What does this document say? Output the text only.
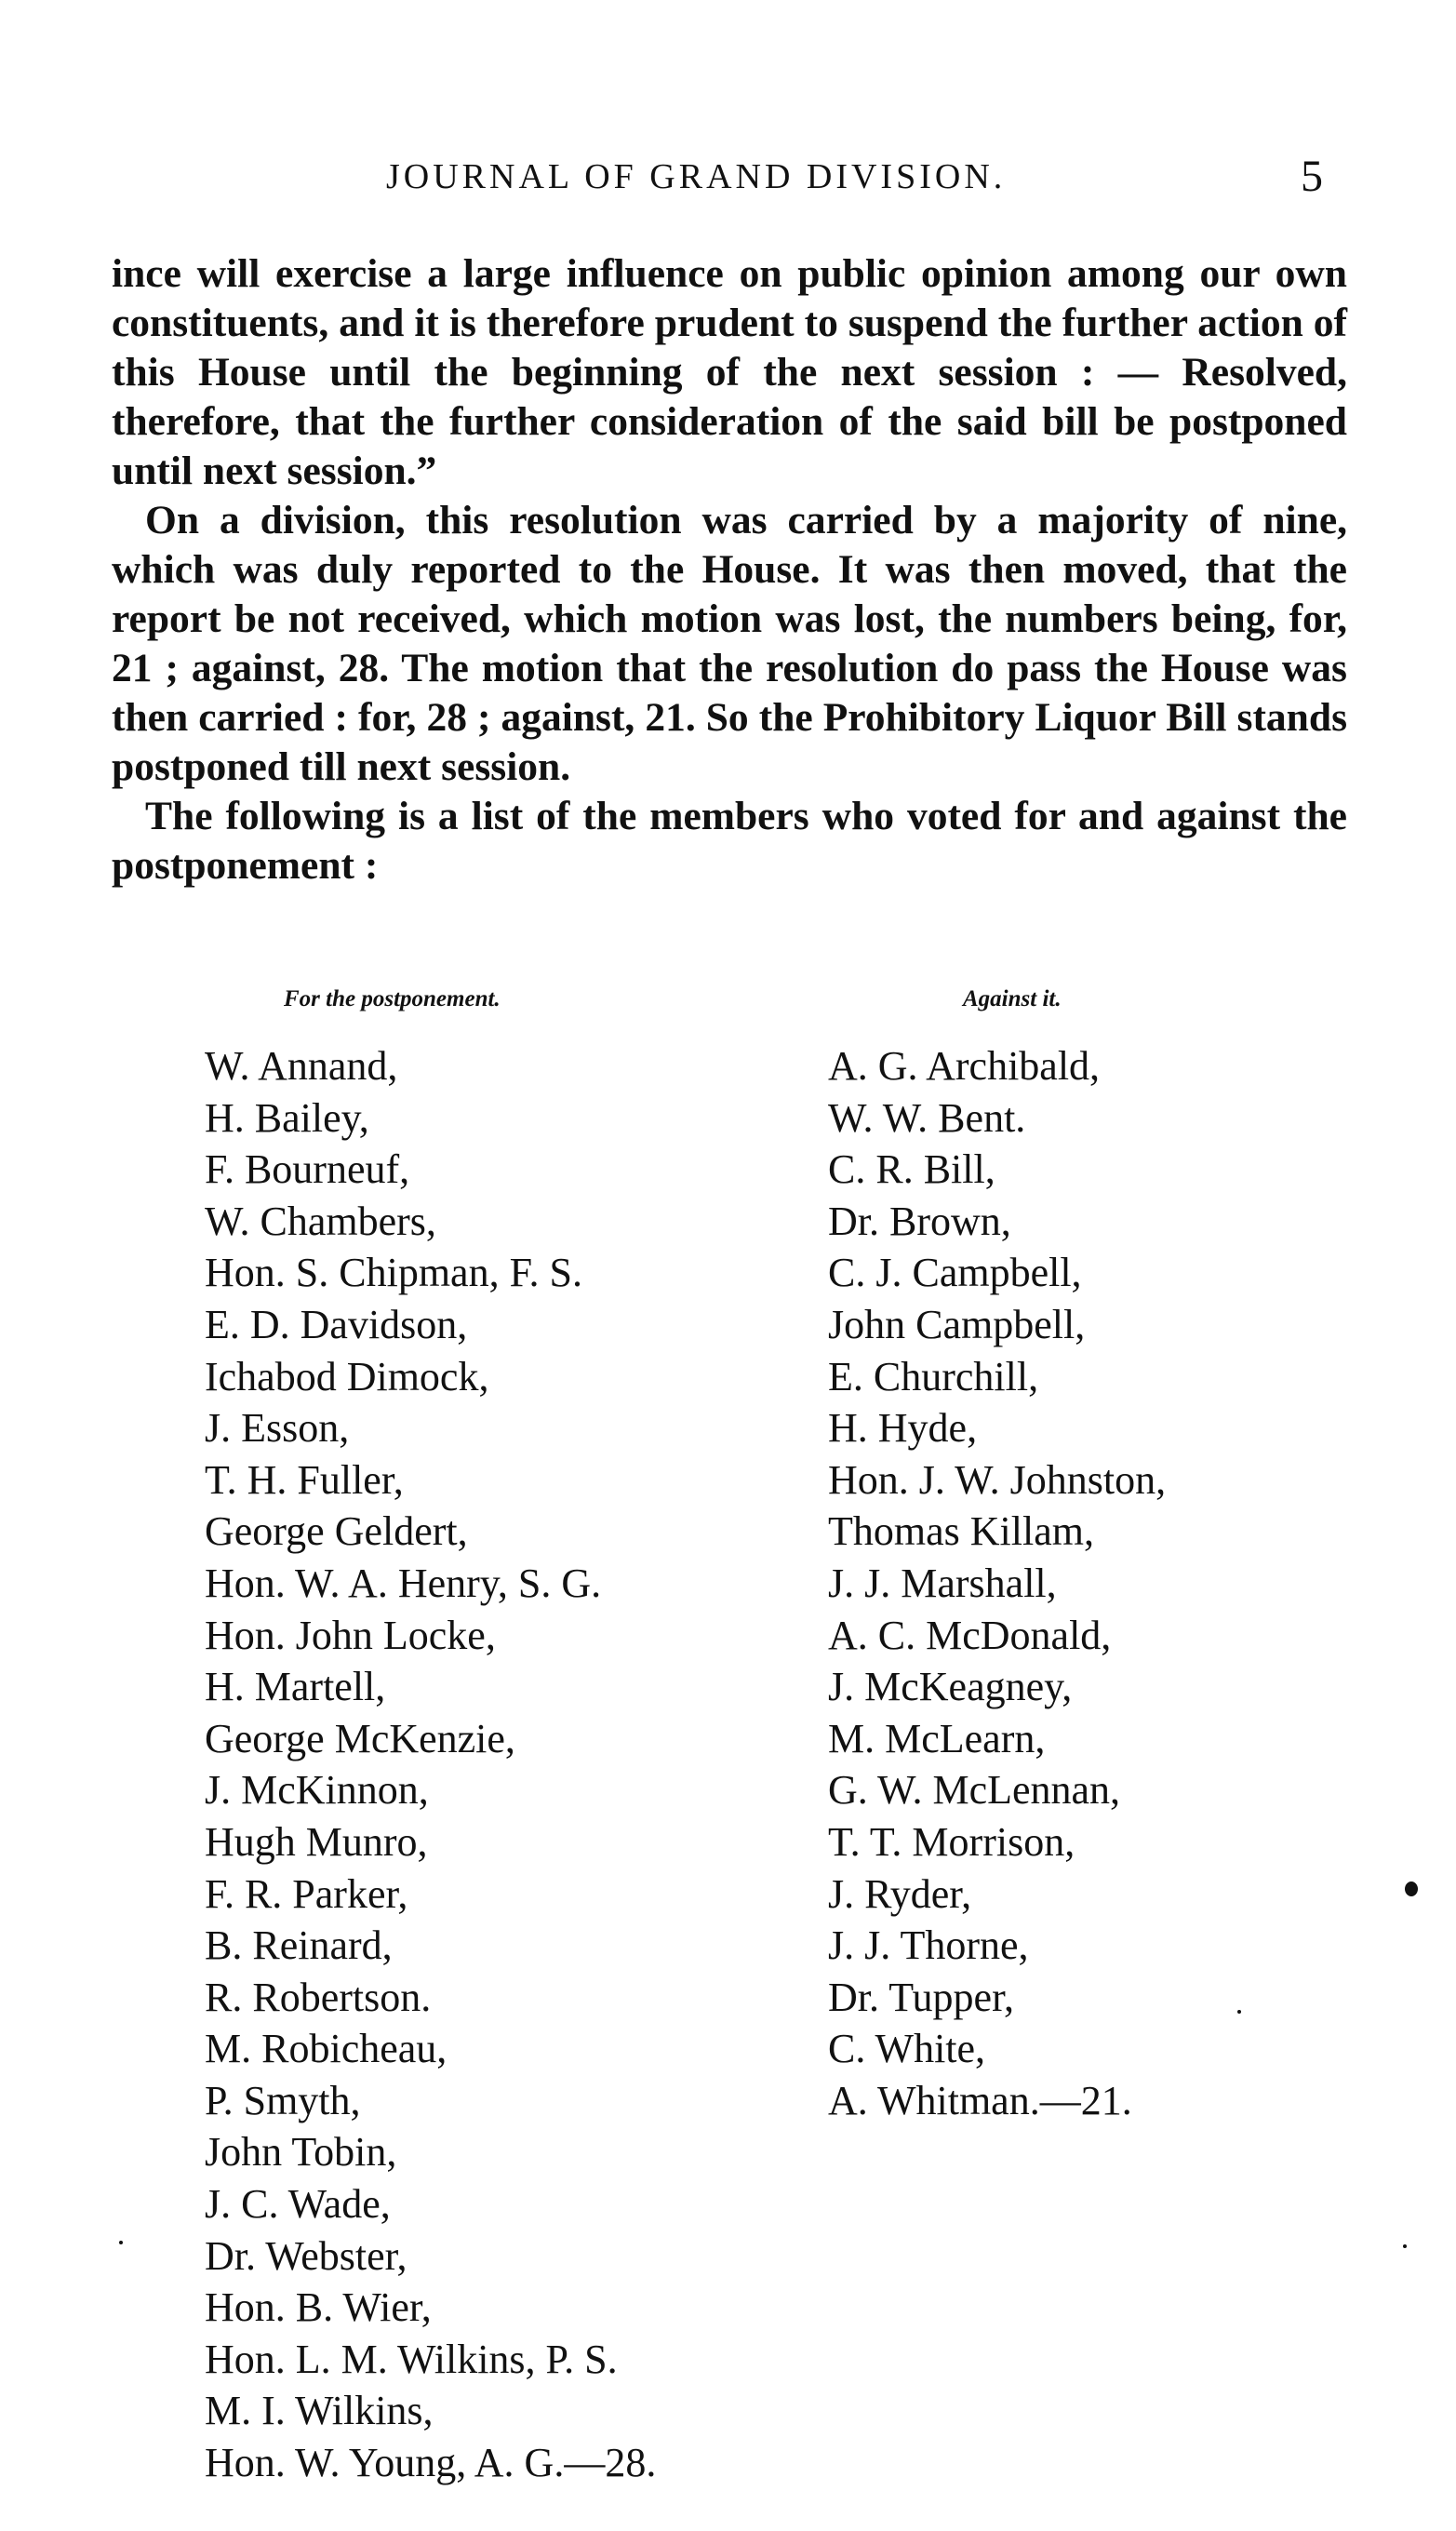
JOURNAL OF GRAND DIVISION.	5

ince will exercise a large influence on public opinion among our own constituents, and it is therefore prudent to suspend the further action of this House until the beginning of the next session : — Resolved, therefore, that the further consideration of the said bill be postponed until next session.”

On a division, this resolution was carried by a majority of nine, which was duly reported to the House. It was then moved, that the report be not received, which motion was lost, the numbers being, for, 21 ; against, 28. The motion that the resolution do pass the House was then carried : for, 28 ; against, 21. So the Prohibitory Liquor Bill stands postponed till next session.

The following is a list of the members who voted for and against the postponement :

For the postponement.	Against it.
W. Annand,
H. Bailey,
F. Bourneuf,
W. Chambers,
Hon. S. Chipman, F. S.
E. D. Davidson,
Ichabod Dimock,
J. Esson,
T. H. Fuller,
George Geldert,
Hon. W. A. Henry, S. G.
Hon. John Locke,
H. Martell,
George McKenzie,
J. McKinnon,
Hugh Munro,
F. R. Parker,
B. Reinard,
R. Robertson.
M. Robicheau,
P. Smyth,
John Tobin,
J. C. Wade,
Dr. Webster,
Hon. B. Wier,
Hon. L. M. Wilkins, P. S.
M. I. Wilkins,
Hon. W. Young, A. G.—28.
A. G. Archibald,
W. W. Bent.
C. R. Bill,
Dr. Brown,
C. J. Campbell,
John Campbell,
E. Churchill,
H. Hyde,
Hon. J. W. Johnston,
Thomas Killam,
J. J. Marshall,
A. C. McDonald,
J. McKeagney,
M. McLearn,
G. W. McLennan,
T. T. Morrison,
J. Ryder,
J. J. Thorne,
Dr. Tupper,
C. White,
A. Whitman.—21.
